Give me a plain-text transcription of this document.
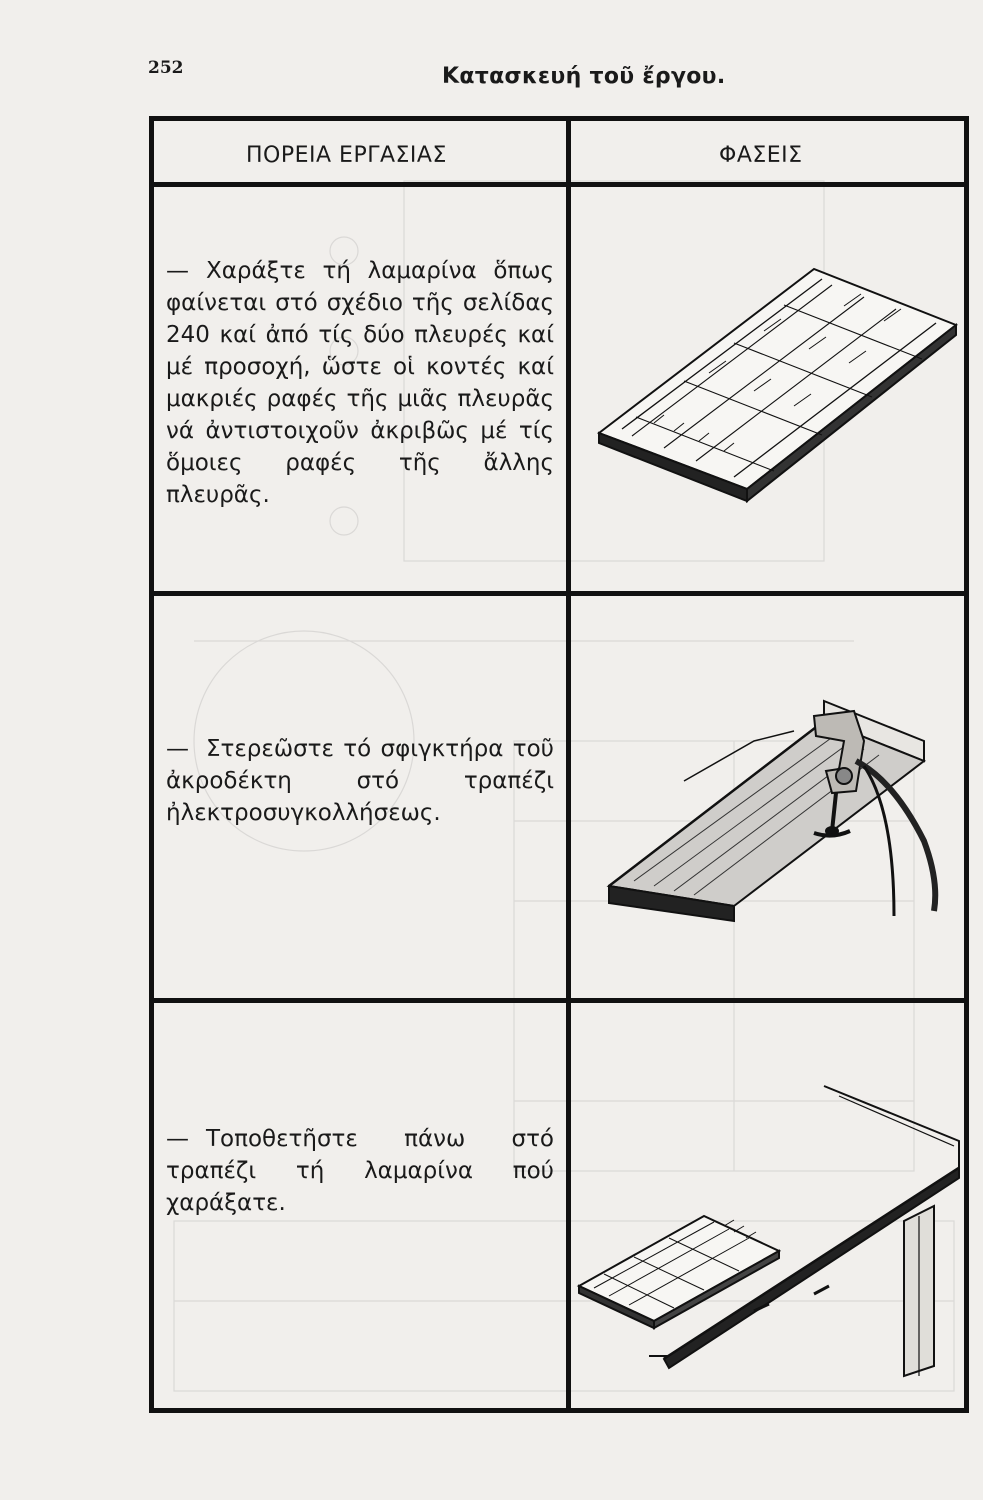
252	Κατασκευή τοῦ ἔργου.
ΠΟΡΕΙΑ ΕΡΓΑΣΙΑΣ	ΦΑΣΕΙΣ
— Χαράξτε τή λαμαρίνα ὅπως φαίνεται στό σχέδιο τῆς σελίδας 240 καί ἀπό τίς δύο πλευρές καί μέ προσοχή, ὥστε οἱ κοντές καί μακριές ραφές τῆς μιᾶς πλευρᾶς νά ἀντιστοιχοῦν ἀκριβῶς μέ τίς ὅμοιες ραφές τῆς ἄλλης πλευρᾶς.
— Στερεῶστε τό σφιγκτήρα τοῦ ἀκροδέκτη στό τραπέζι ἠλεκτροσυγκολλήσεως.
— Τοποθετῆστε πάνω στό τραπέζι τή λαμαρίνα πού χαράξατε.
